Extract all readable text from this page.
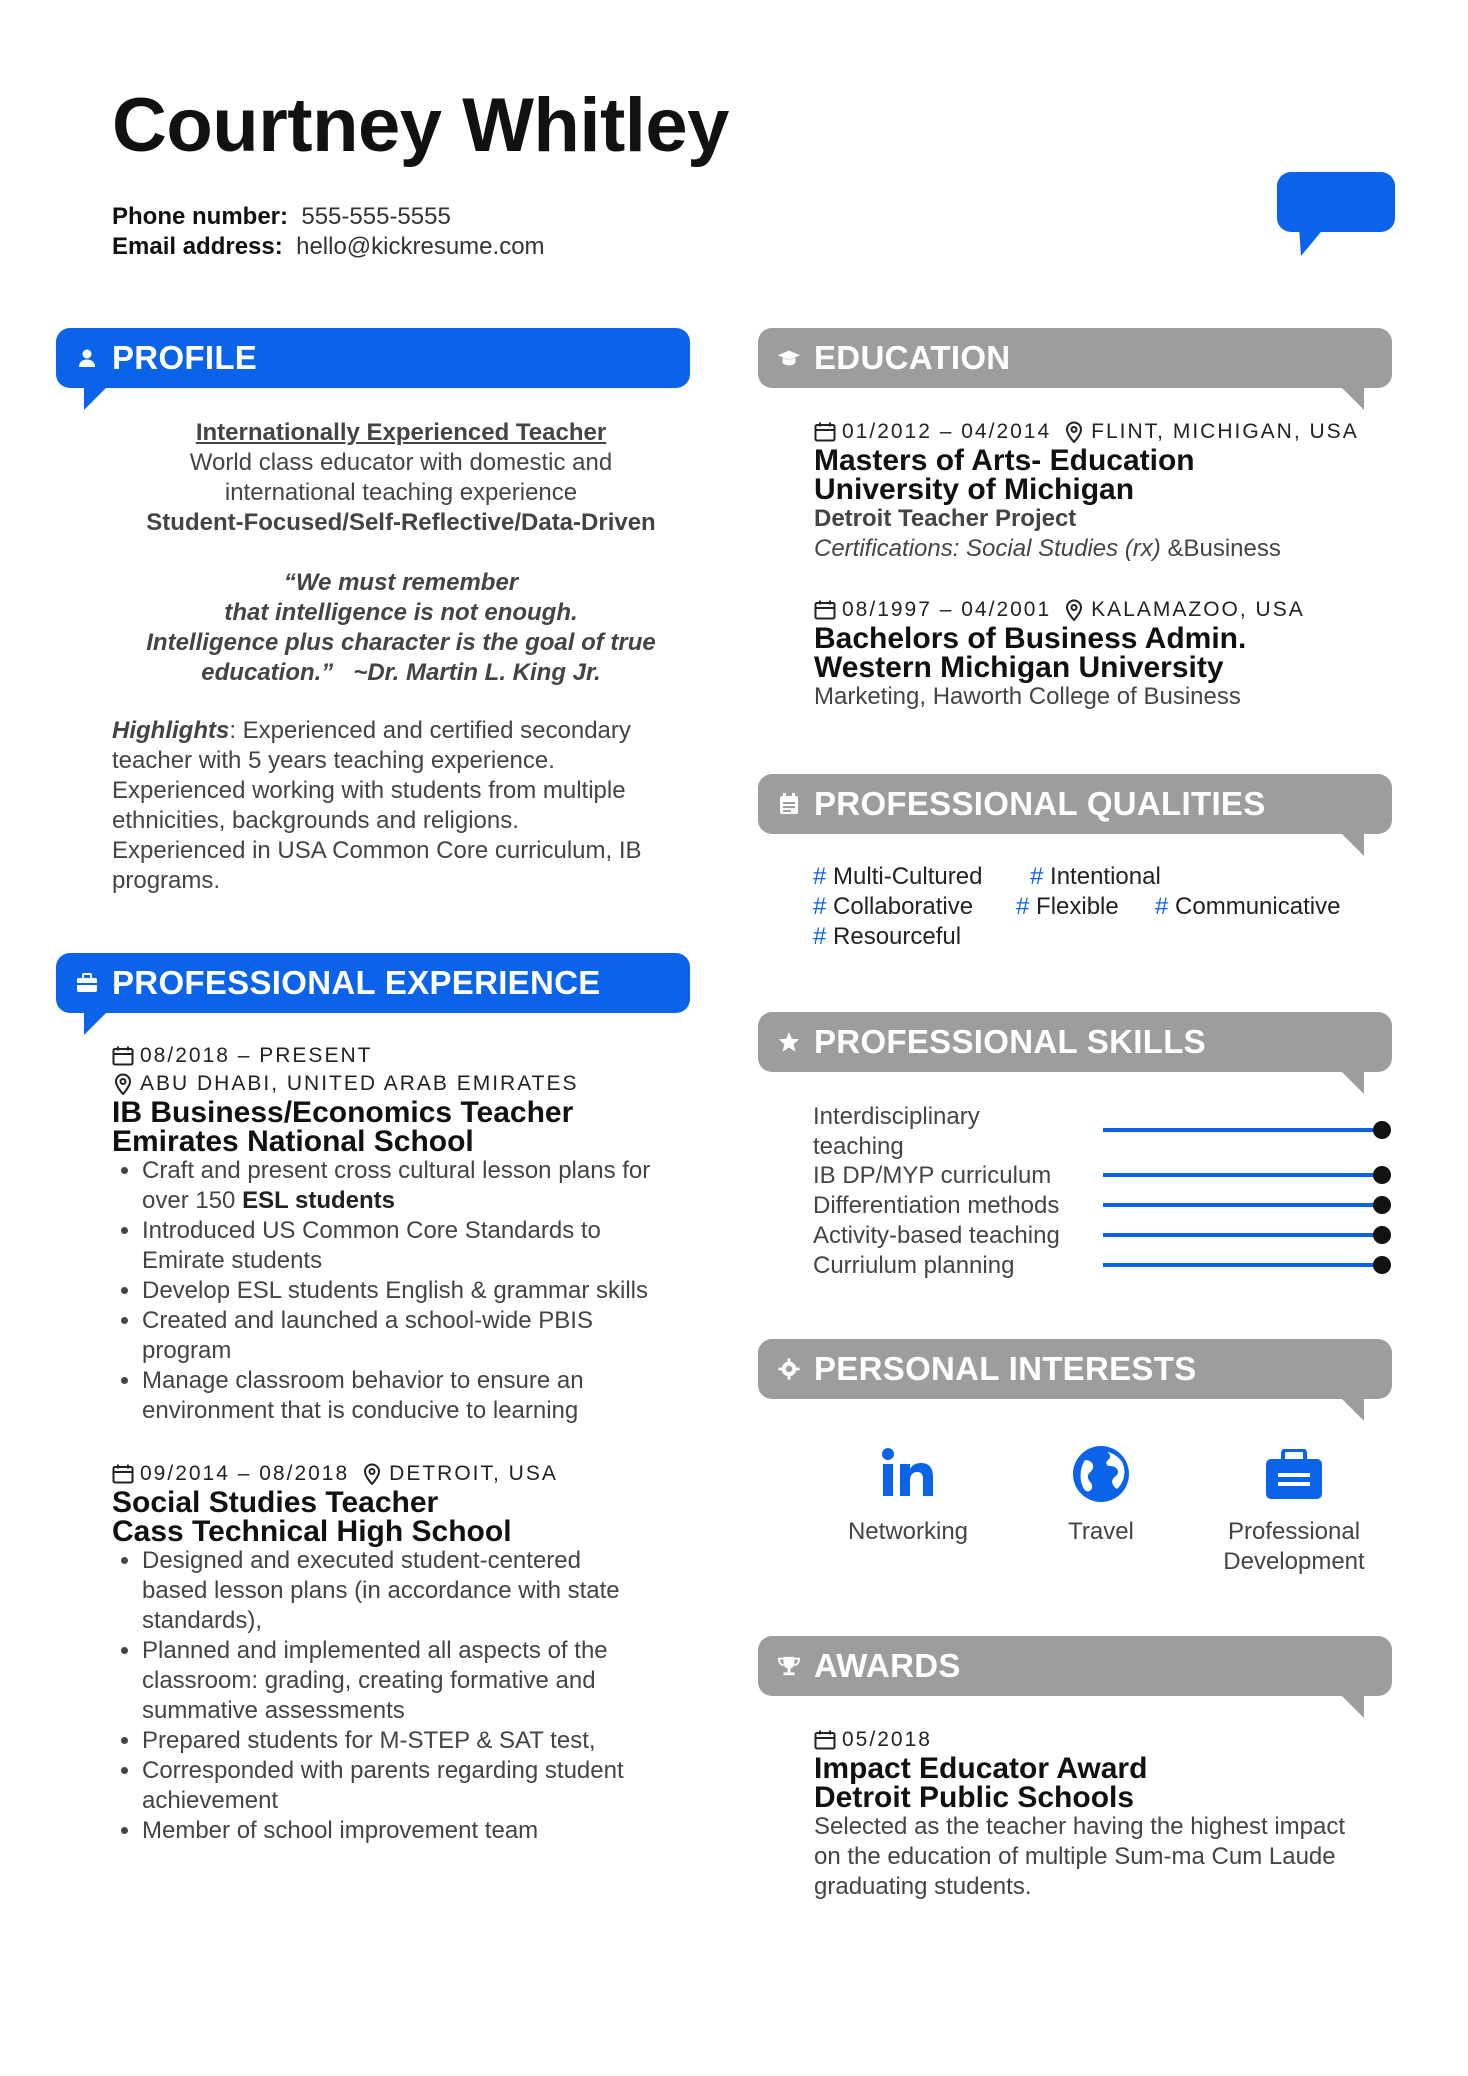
Courtney Whitley
Phone number: 555-555-5555
Email address: hello@kickresume.com
PROFILE
Internationally Experienced Teacher
World class educator with domestic and
international teaching experience
Student-Focused/Self-Reflective/Data-Driven
“We must remember
that intelligence is not enough.
Intelligence plus character is the goal of true
education.”   ~Dr. Martin L. King Jr.
Highlights: Experienced and certified secondary
teacher with 5 years teaching experience.
Experienced working with students from multiple
ethnicities, backgrounds and religions.
Experienced in USA Common Core curriculum, IB
programs.
PROFESSIONAL EXPERIENCE
08/2018 – PRESENT
ABU DHABI, UNITED ARAB EMIRATES
IB Business/Economics Teacher
Emirates National School
• Craft and present cross cultural lesson plans for
over 150 ESL students
• Introduced US Common Core Standards to
Emirate students
• Develop ESL students English & grammar skills
• Created and launched a school-wide PBIS
program
• Manage classroom behavior to ensure an
environment that is conducive to learning
09/2014 – 08/2018 DETROIT, USA
Social Studies Teacher
Cass Technical High School
• Designed and executed student-centered
based lesson plans (in accordance with state
standards),
• Planned and implemented all aspects of the
classroom: grading, creating formative and
summative assessments
• Prepared students for M-STEP & SAT test,
• Corresponded with parents regarding student
achievement
• Member of school improvement team
EDUCATION
01/2012 – 04/2014 FLINT, MICHIGAN, USA
Masters of Arts- Education
University of Michigan
Detroit Teacher Project
Certifications: Social Studies (rx) &Business
08/1997 – 04/2001 KALAMAZOO, USA
Bachelors of Business Admin.
Western Michigan University
Marketing, Haworth College of Business
PROFESSIONAL QUALITIES
# Multi-Cultured # Intentional
# Collaborative # Flexible # Communicative
# Resourceful
PROFESSIONAL SKILLS
Interdisciplinary
teaching
IB DP/MYP curriculum
Differentiation methods
Activity-based teaching
Curriulum planning
PERSONAL INTERESTS
Networking	Travel	Professional
Development
AWARDS
05/2018
Impact Educator Award
Detroit Public Schools
Selected as the teacher having the highest impact
on the education of multiple Sum-ma Cum Laude
graduating students.
